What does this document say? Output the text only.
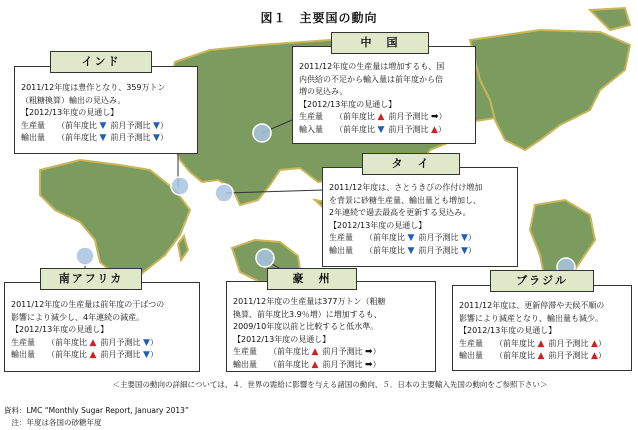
図１　主要国の動向
2011/12年度は豊作となり、359万トン
（粗糖換算）輸出の見込み。
【2012/13年度の見通し】
生産量 （前年度比 ▼ 前月予測比 ▼）
輸出量 （前年度比 ▼ 前月予測比 ▼）
インド	2011/12年度の生産量は増加するも、国
内供給の不足から輸入量は前年度から倍
増の見込み。
【2012/13年度の見通し】
生産量 （前年度比 ▲ 前月予測比 ➡）
輸入量 （前年度比 ▼ 前月予測比 ▲）
中　国
2011/12年度は、さとうきびの作付け増加
を背景に砂糖生産量、輸出量とも増加し、
2年連続で過去最高を更新する見込み。
【2012/13年度の見通し】
生産量 （前年度比 ▼ 前月予測比 ▼）
輸出量 （前年度比 ▼ 前月予測比 ▼）
タ　イ
2011/12年度の生産量は前年度の干ばつの
影響により減少し、4年連続の減産。
【2012/13年度の見通し】
生産量 （前年度比 ▲ 前月予測比 ▼）
輸出量 （前年度比 ▲ 前月予測比 ▼）
南アフリカ
2011/12年度の生産量は377万トン（粗糖
換算、前年度比3.9％増）に増加するも、
2009/10年度以前と比較すると低水準。
【2012/13年度の見通し】
生産量 （前年度比 ▲ 前月予測比 ➡）
輸出量 （前年度比 ▲ 前月予測比 ➡）
豪　州
2011/12年度は、更新停滞や天候不順の
影響により減産となり、輸出量も減少。
【2012/13年度の見通し】
生産量 （前年度比 ▲ 前月予測比 ▲）
輸出量 （前年度比 ▲ 前月予測比 ▲）
ブラジル
＜主要国の動向の詳細については、４．世界の需給に影響を与える諸国の動向、５．日本の主要輸入先国の動向をご参照下さい＞
資料：LMC “Monthly Sugar Report, January 2013”
　注：年度は各国の砂糖年度
